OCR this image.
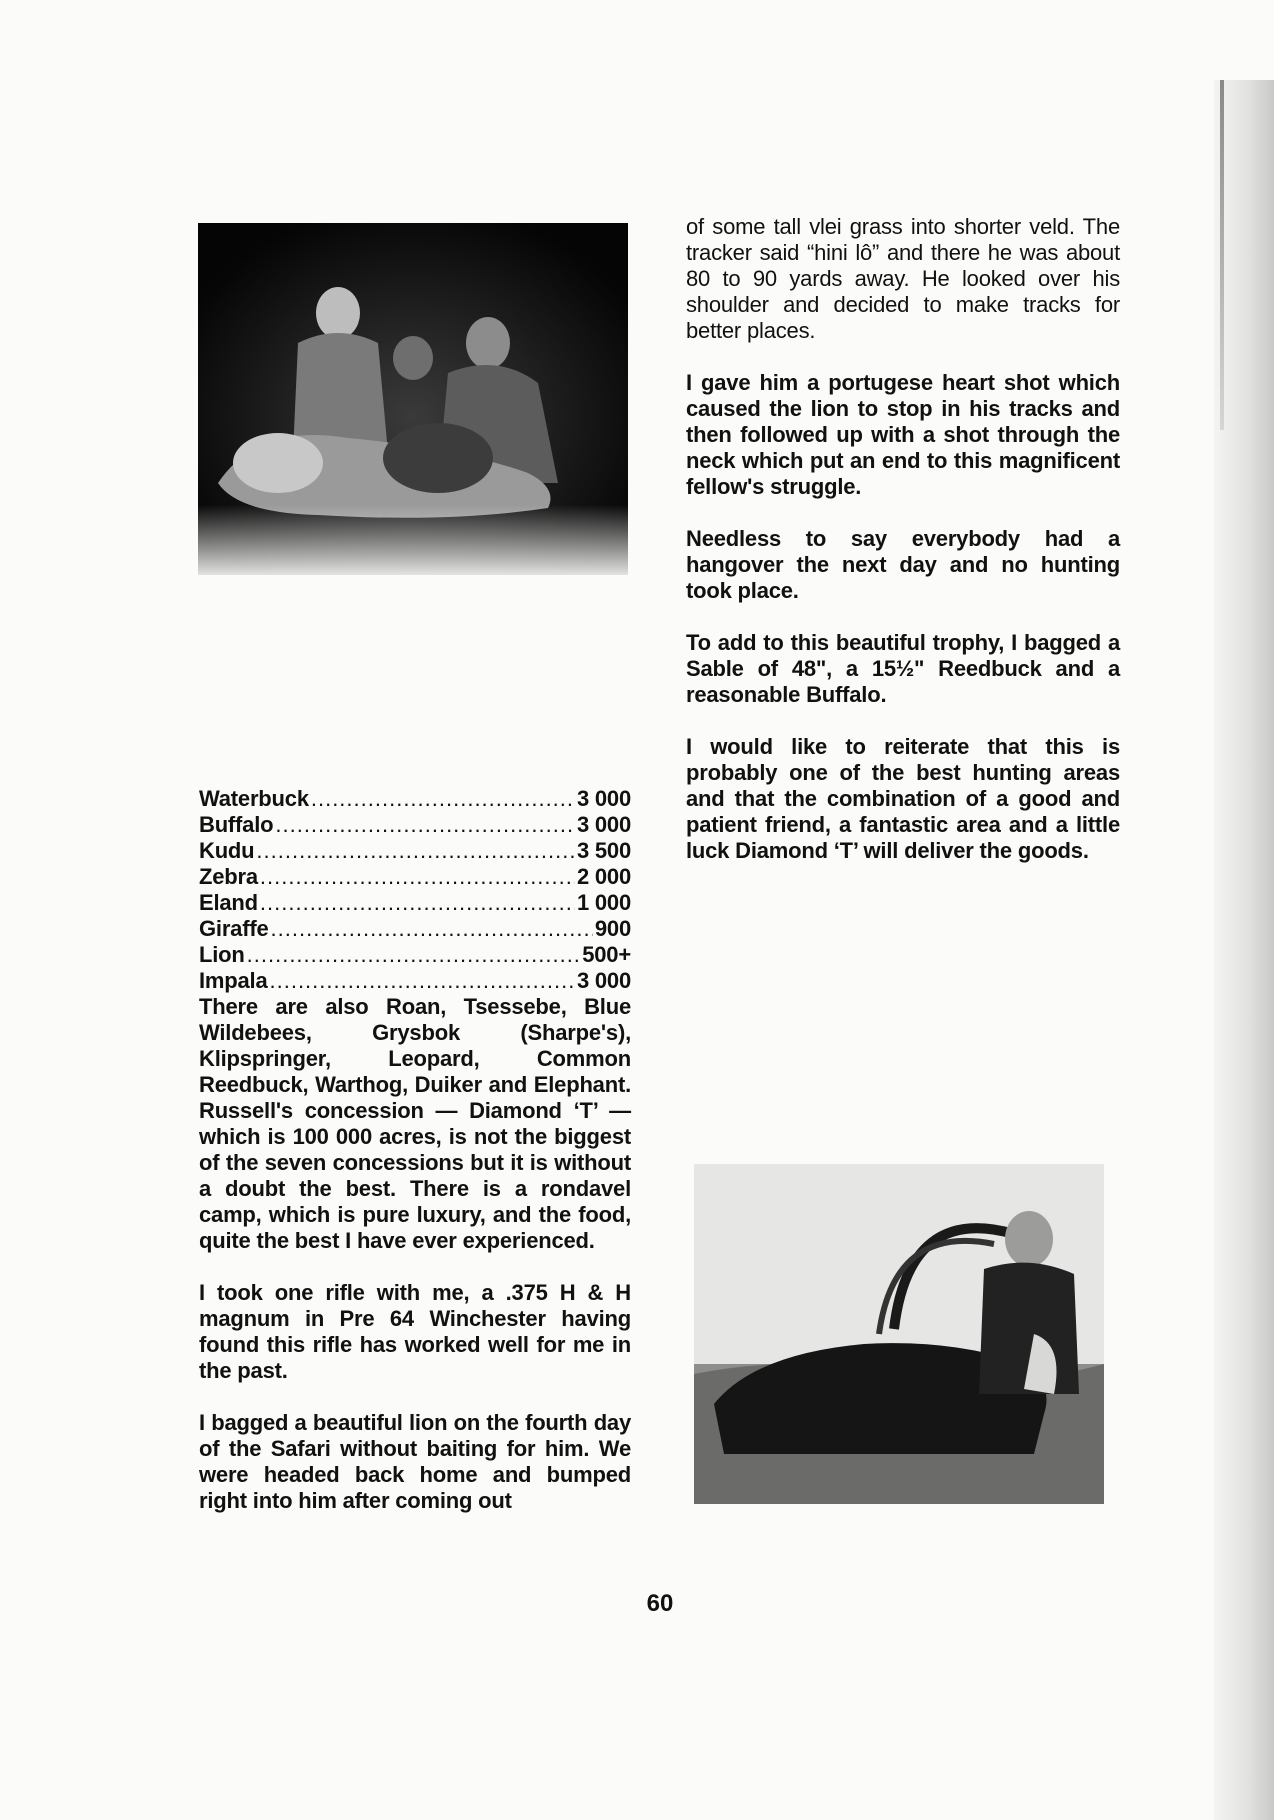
of some tall vlei grass into shorter veld. The tracker said “hini lô” and there he was about 80 to 90 yards away. He looked over his shoulder and decided to make tracks for better places.

I gave him a portugese heart shot which caused the lion to stop in his tracks and then followed up with a shot through the neck which put an end to this magnificent fellow's struggle.

Needless to say everybody had a hangover the next day and no hunting took place.

To add to this beautiful trophy, I bagged a Sable of 48", a 15½" Reedbuck and a reasonable Buffalo.

I would like to reiterate that this is probably one of the best hunting areas and that the combination of a good and patient friend, a fantastic area and a little luck Diamond ‘T’ will deliver the goods.

Waterbuck .....	3 000
Buffalo .....	3 000
Kudu .....	3 500
Zebra .....	2 000
Eland .....	1 000
Giraffe .....	900
Lion .....	500+
Impala .....	3 000

There are also Roan, Tsessebe, Blue Wildebees, Grysbok (Sharpe's), Klipspringer, Leopard, Common Reedbuck, Warthog, Duiker and Elephant. Russell's concession — Diamond ‘T’ — which is 100 000 acres, is not the biggest of the seven concessions but it is without a doubt the best. There is a rondavel camp, which is pure luxury, and the food, quite the best I have ever experienced.

I took one rifle with me, a .375 H & H magnum in Pre 64 Winchester having found this rifle has worked well for me in the past.

I bagged a beautiful lion on the fourth day of the Safari without baiting for him. We were headed back home and bumped right into him after coming out

60
